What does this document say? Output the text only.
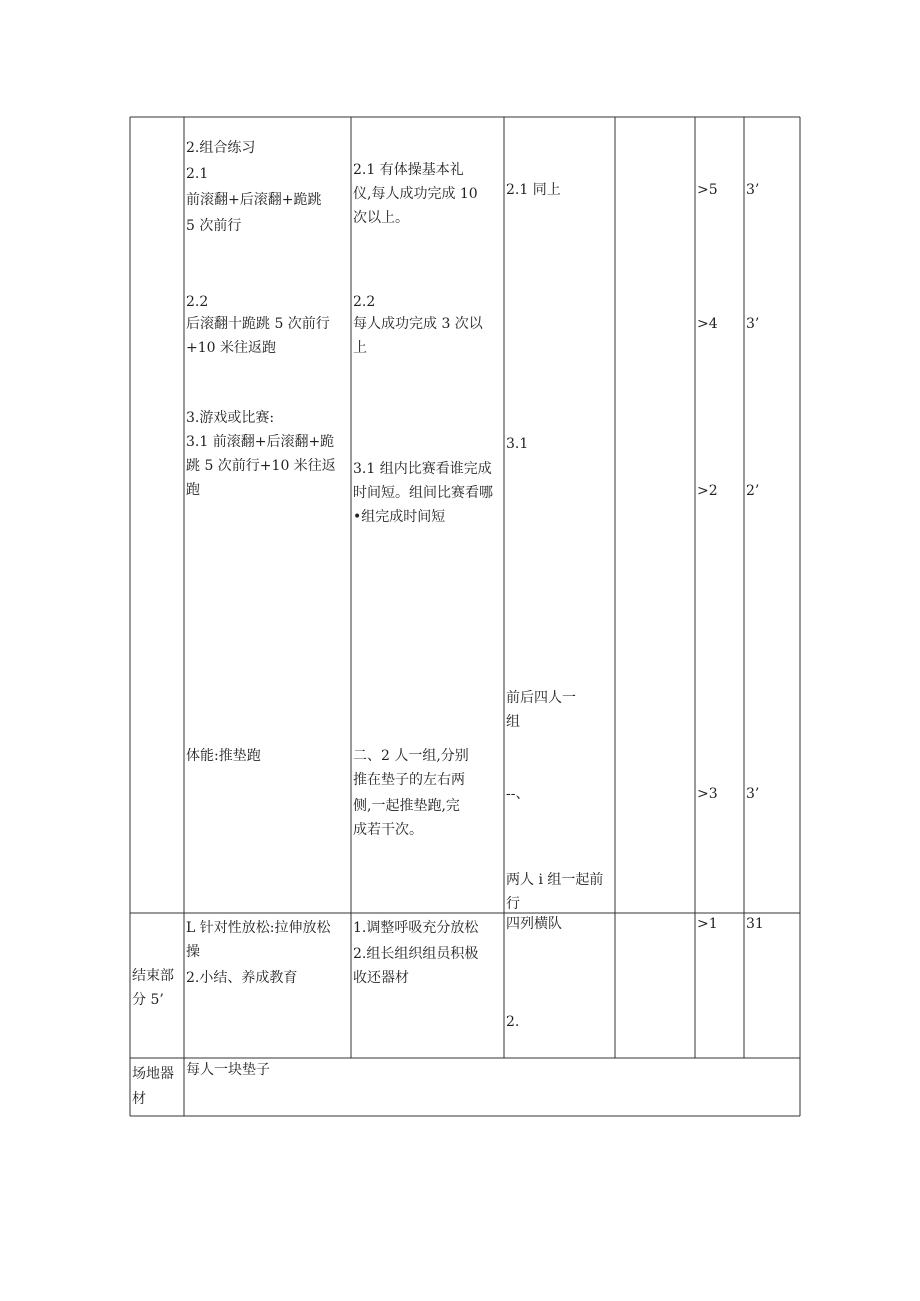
2.组合练习
2.1
前滚翻+后滚翻+跪跳
5 次前行
2.2
后滚翻十跪跳 5 次前行
+10 米往返跑
3.游戏或比赛:
3.1 前滚翻+后滚翻+跪
跳 5 次前行+10 米往返
跑
体能:推垫跑
2.1 有体操基本礼
仪,每人成功完成 10
次以上。
2.2
每人成功完成 3 次以
上
3.1 组内比赛看谁完成
时间短。组间比赛看哪
•组完成时间短
二、2 人一组,分别
推在垫子的左右两
侧,一起推垫跑,完
成若干次。
2.1 同上
3.1
前后四人一
组
--、
两人 i 组一起前
行
>5
>4
>2
>3
3’
3’
2’
3’
结束部
分 5’
L 针对性放松:拉伸放松
操
2.小结、养成教育
1.调整呼吸充分放松
2.组长组织组员积极
收还器材
四列横队
2.
>1 31
场地器
材
每人一块垫子
